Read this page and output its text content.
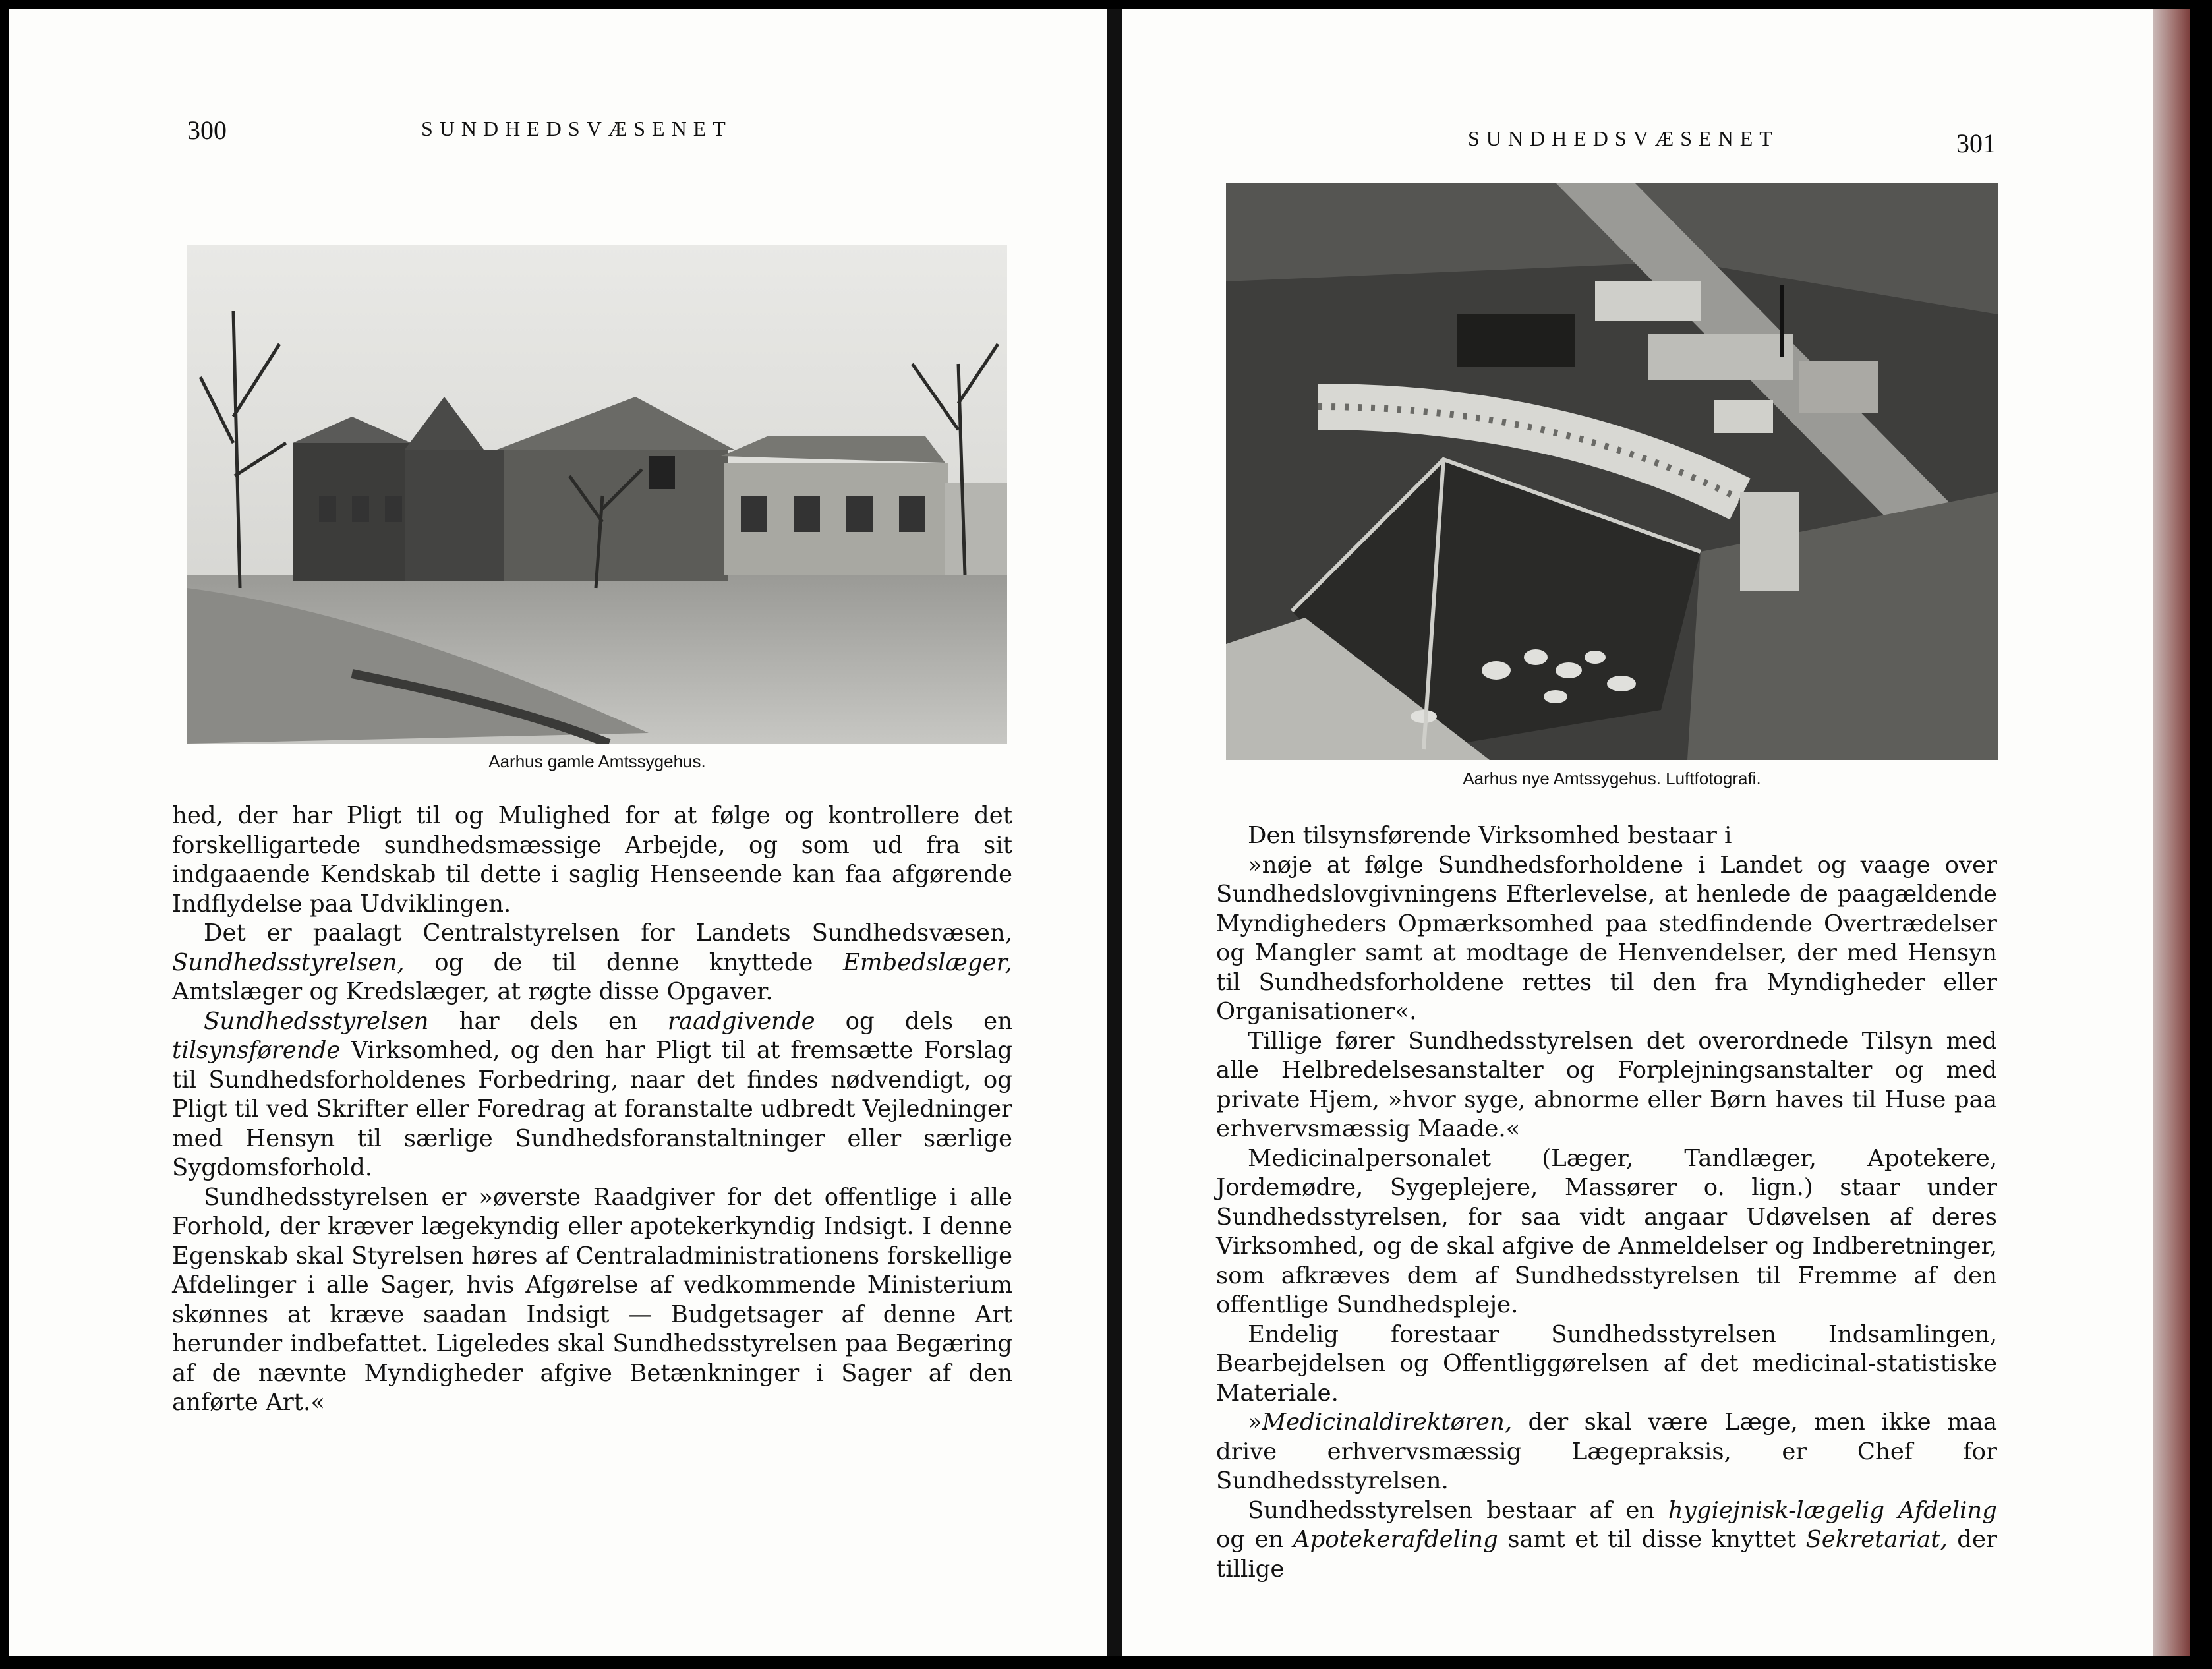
300	SUNDHEDSVÆSENET
Aarhus gamle Amtssygehus.

hed, der har Pligt til og Mulighed for at følge og kontrollere det forskelligartede sundhedsmæssige Arbejde, og som ud fra sit indgaaende Kendskab til dette i saglig Henseende kan faa afgørende Indflydelse paa Udviklingen.

Det er paalagt Centralstyrelsen for Landets Sundhedsvæsen, Sundhedsstyrelsen, og de til denne knyttede Embedslæger, Amtslæger og Kredslæger, at røgte disse Opgaver.

Sundhedsstyrelsen har dels en raadgivende og dels en tilsynsførende Virksomhed, og den har Pligt til at fremsætte Forslag til Sundhedsforholdenes Forbedring, naar det findes nødvendigt, og Pligt til ved Skrifter eller Foredrag at foranstalte udbredt Vejledninger med Hensyn til særlige Sundhedsforanstaltninger eller særlige Sygdomsforhold.

Sundhedsstyrelsen er »øverste Raadgiver for det offentlige i alle Forhold, der kræver lægekyndig eller apotekerkyndig Indsigt. I denne Egenskab skal Styrelsen høres af Centraladministrationens forskellige Afdelinger i alle Sager, hvis Afgørelse af vedkommende Ministerium skønnes at kræve saadan Indsigt — Budgetsager af denne Art herunder indbefattet. Ligeledes skal Sundhedsstyrelsen paa Begæring af de nævnte Myndigheder afgive Betænkninger i Sager af den anførte Art.«

SUNDHEDSVÆSENET	301
Aarhus nye Amtssygehus. Luftfotografi.

Den tilsynsførende Virksomhed bestaar i

»nøje at følge Sundhedsforholdene i Landet og vaage over Sundhedslovgivningens Efterlevelse, at henlede de paagældende Myndigheders Opmærksomhed paa stedfindende Overtrædelser og Mangler samt at modtage de Henvendelser, der med Hensyn til Sundhedsforholdene rettes til den fra Myndigheder eller Organisationer«.

Tillige fører Sundhedsstyrelsen det overordnede Tilsyn med alle Helbredelsesanstalter og Forplejningsanstalter og med private Hjem, »hvor syge, abnorme eller Børn haves til Huse paa erhvervsmæssig Maade.«

Medicinalpersonalet (Læger, Tandlæger, Apotekere, Jordemødre, Sygeplejere, Massører o. lign.) staar under Sundhedsstyrelsen, for saa vidt angaar Udøvelsen af deres Virksomhed, og de skal afgive de Anmeldelser og Indberetninger, som afkræves dem af Sundhedsstyrelsen til Fremme af den offentlige Sundhedspleje.

Endelig forestaar Sundhedsstyrelsen Indsamlingen, Bearbejdelsen og Offentliggørelsen af det medicinal-statistiske Materiale.

»Medicinaldirektøren, der skal være Læge, men ikke maa drive erhvervsmæssig Lægepraksis, er Chef for Sundhedsstyrelsen.

Sundhedsstyrelsen bestaar af en hygiejnisk-lægelig Afdeling og en Apotekerafdeling samt et til disse knyttet Sekretariat, der tillige
